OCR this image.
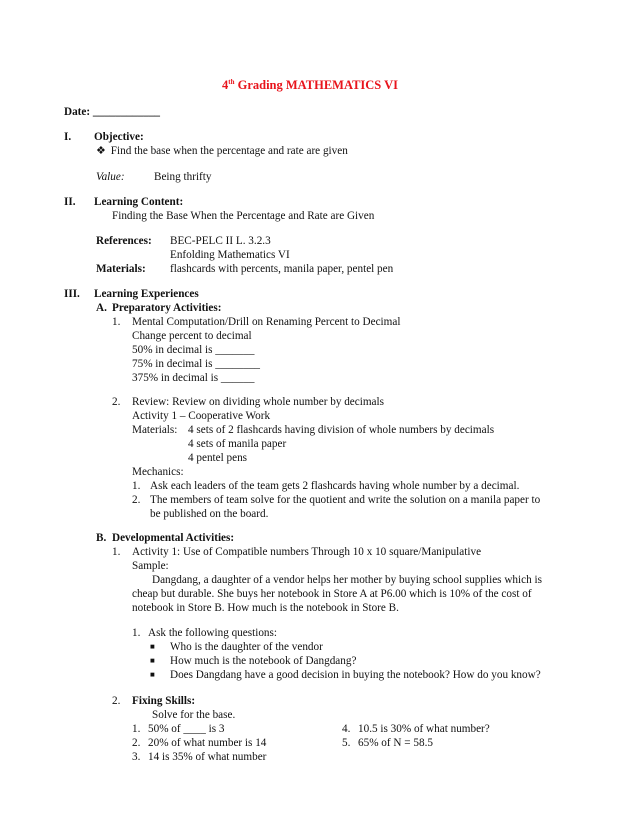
4th Grading MATHEMATICS VI
Date: ____________
I. Objective:
❖ Find the base when the percentage and rate are given
Value:	Being thrifty
II. Learning Content:
Finding the Base When the Percentage and Rate are Given
References: BEC-PELC II L. 3.2.3
Enfolding Mathematics VI
Materials: flashcards with percents, manila paper, pentel pen
III. Learning Experiences
A. Preparatory Activities:
1. Mental Computation/Drill on Renaming Percent to Decimal
Change percent to decimal
50% in decimal is _______
75% in decimal is ________
375% in decimal is ______
2. Review: Review on dividing whole number by decimals
Activity 1 – Cooperative Work
Materials: 4 sets of 2 flashcards having division of whole numbers by decimals
4 sets of manila paper
4 pentel pens
Mechanics:
1. Ask each leaders of the team gets 2 flashcards having whole number by a decimal.
2. The members of team solve for the quotient and write the solution on a manila paper to
be published on the board.
B. Developmental Activities:
1. Activity 1: Use of Compatible numbers Through 10 x 10 square/Manipulative
Sample:
Dangdang, a daughter of a vendor helps her mother by buying school supplies which is
cheap but durable. She buys her notebook in Store A at P6.00 which is 10% of the cost of
notebook in Store B. How much is the notebook in Store B.
1. Ask the following questions:
■ Who is the daughter of the vendor
■ How much is the notebook of Dangdang?
■ Does Dangdang have a good decision in buying the notebook? How do you know?
2. Fixing Skills:
Solve for the base.
1. 50% of ____ is 3
2. 20% of what number is 14
3. 14 is 35% of what number
4. 10.5 is 30% of what number?
5. 65% of N = 58.5
